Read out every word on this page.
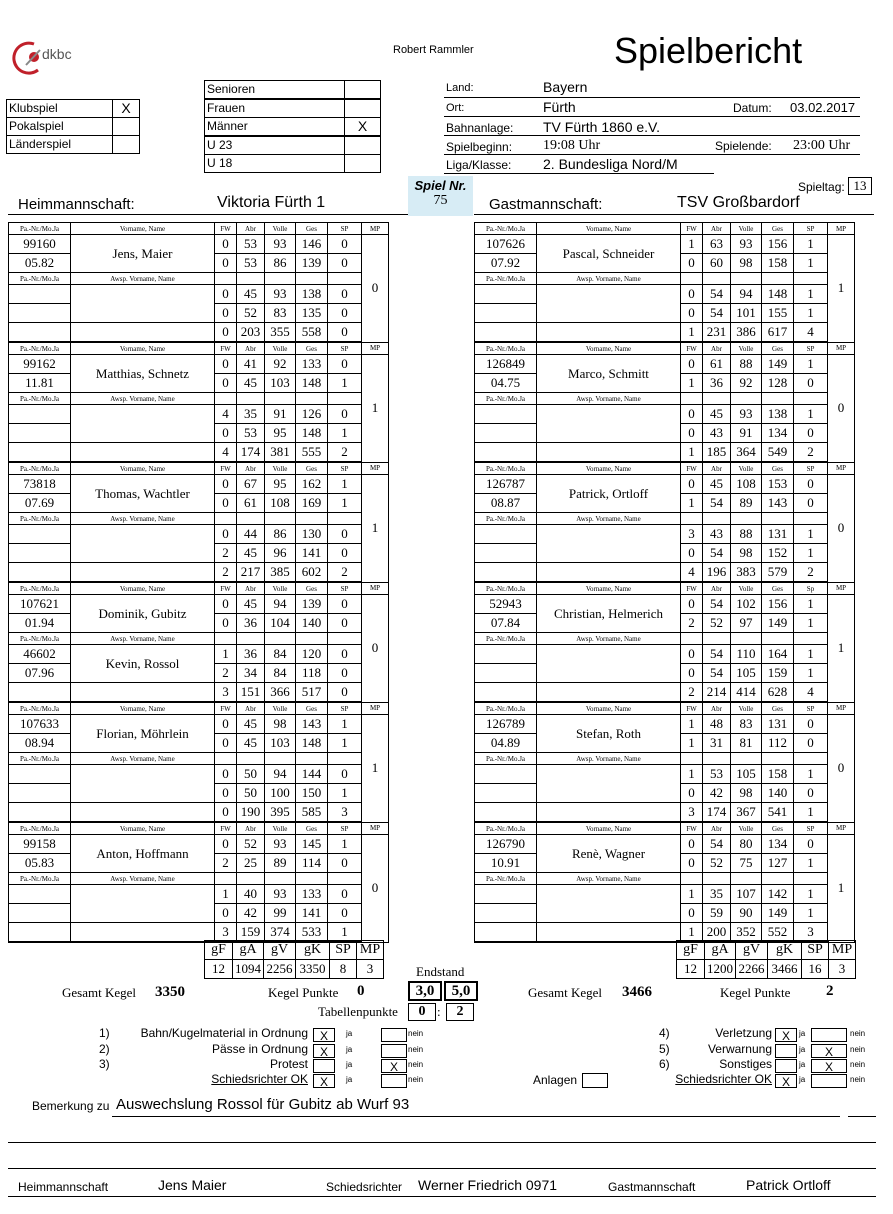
dkbc	Robert Rammler	Spielbericht
Klubspiel	X
Pokalspiel
Länderspiel
Senioren
Frauen
Männer	X
U 23
U 18
Land:	Bayern
Ort:	Fürth	Datum: 03.02.2017
Bahnanlage: TV Fürth 1860 e.V.
Spielbeginn: 19:08 Uhr	Spielende: 23:00 Uhr
Liga/Klasse: 2. Bundesliga Nord/M
Heimmannschaft:	Viktoria Fürth 1
Spiel Nr.
75	Gastmannschaft:	TSV Großbardorf
Spieltag: 13
Pa.-Nr./Mo.Ja	Vorname, Name	FW	Abr	Volle	Ges	SP	MP
99160	Jens, Maier	0	53	93	146	0	0
05.82		0	53	86	139	0	
Pa.-Nr./Mo.Ja	Awsp. Vorname, Name						
		0	45	93	138	0	
		0	52	83	135	0	
		0	203	355	558	0	
Pa.-Nr./Mo.Ja	Vorname, Name	FW	Abr	Volle	Ges	SP	MP
99162	Matthias, Schnetz	0	41	92	133	0	1
11.81		0	45	103	148	1	
Pa.-Nr./Mo.Ja	Awsp. Vorname, Name						
		4	35	91	126	0	
		0	53	95	148	1	
		4	174	381	555	2	
Pa.-Nr./Mo.Ja	Vorname, Name	FW	Abr	Volle	Ges	SP	MP
73818	Thomas, Wachtler	0	67	95	162	1	1
07.69		0	61	108	169	1	
Pa.-Nr./Mo.Ja	Awsp. Vorname, Name						
		0	44	86	130	0	
		2	45	96	141	0	
		2	217	385	602	2	
Pa.-Nr./Mo.Ja	Vorname, Name	FW	Abr	Volle	Ges	SP	MP
107621	Dominik, Gubitz	0	45	94	139	0	0
01.94		0	36	104	140	0	
Pa.-Nr./Mo.Ja	Awsp. Vorname, Name						
46602	Kevin, Rossol	1	36	84	120	0	
07.96		2	34	84	118	0	
		3	151	366	517	0	
Pa.-Nr./Mo.Ja	Vorname, Name	FW	Abr	Volle	Ges	SP	MP
107633	Florian, Möhrlein	0	45	98	143	1	1
08.94		0	45	103	148	1	
Pa.-Nr./Mo.Ja	Awsp. Vorname, Name						
		0	50	94	144	0	
		0	50	100	150	1	
		0	190	395	585	3	
Pa.-Nr./Mo.Ja	Vorname, Name	FW	Abr	Volle	Ges	SP	MP
99158	Anton, Hoffmann	0	52	93	145	1	0
05.83		2	25	89	114	0	
Pa.-Nr./Mo.Ja	Awsp. Vorname, Name						
		1	40	93	133	0	
		0	42	99	141	0	
		3	159	374	533	1	
Pa.-Nr./Mo.Ja	Vorname, Name	FW	Abr	Volle	Ges	SP	MP
107626	Pascal, Schneider	1	63	93	156	1	1
07.92		0	60	98	158	1	
Pa.-Nr./Mo.Ja	Awsp. Vorname, Name						
		0	54	94	148	1	
		0	54	101	155	1	
		1	231	386	617	4	
Pa.-Nr./Mo.Ja	Vorname, Name	FW	Abr	Volle	Ges	SP	MP
126849	Marco, Schmitt	0	61	88	149	1	0
04.75		1	36	92	128	0	
Pa.-Nr./Mo.Ja	Awsp. Vorname, Name						
		0	45	93	138	1	
		0	43	91	134	0	
		1	185	364	549	2	
Pa.-Nr./Mo.Ja	Vorname, Name	FW	Abr	Volle	Ges	SP	MP
126787	Patrick, Ortloff	0	45	108	153	0	0
08.87		1	54	89	143	0	
Pa.-Nr./Mo.Ja	Awsp. Vorname, Name						
		3	43	88	131	1	
		0	54	98	152	1	
		4	196	383	579	2	
Pa.-Nr./Mo.Ja	Vorname, Name	FW	Abr	Volle	Ges	Sp	MP
52943	Christian, Helmerich	0	54	102	156	1	1
07.84		2	52	97	149	1	
Pa.-Nr./Mo.Ja	Awsp. Vorname, Name						
		0	54	110	164	1	
		0	54	105	159	1	
		2	214	414	628	4	
Pa.-Nr./Mo.Ja	Vorname, Name	FW	Abr	Volle	Ges	SP	MP
126789	Stefan, Roth	1	48	83	131	0	0
04.89		1	31	81	112	0	
Pa.-Nr./Mo.Ja	Awsp. Vorname, Name						
		1	53	105	158	1	
		0	42	98	140	0	
		3	174	367	541	1	
Pa.-Nr./Mo.Ja	Vorname, Name	FW	Abr	Volle	Ges	SP	MP
126790	Renè, Wagner	0	54	80	134	0	1
10.91		0	52	75	127	1	
Pa.-Nr./Mo.Ja	Awsp. Vorname, Name						
		1	35	107	142	1	
		0	59	90	149	1	
		1	200	352	552	3	
gF	gA	gV	gK	SP	MP
12	1094	2256	3350	8	3
gF	gA	gV	gK	SP	MP
12	1200	2266	3466	16	3
Endstand
Gesamt Kegel 3350	Kegel Punkte 0	3,0	5,0
Tabellenpunkte	0	2
:
Gesamt Kegel 3466	Kegel Punkte 2
1)	Bahn/Kugelmaterial in Ordnung X	ja	nein
2)	Pässe in Ordnung X	ja	nein
3)	Protest	ja	X	nein
Schiedsrichter OK X	ja	nein
4)	Verletzung X	ja	nein
5)	Verwarnung	ja	X	nein
6)	Sonstiges	ja	X	nein
Schiedsrichter OK X	ja	nein
Anlagen
Bemerkung zu Auswechslung Rossol für Gubitz ab Wurf 93
Heimmannschaft	Jens Maier	Schiedsrichter Werner Friedrich 0971	Gastmannschaft	Patrick Ortloff
